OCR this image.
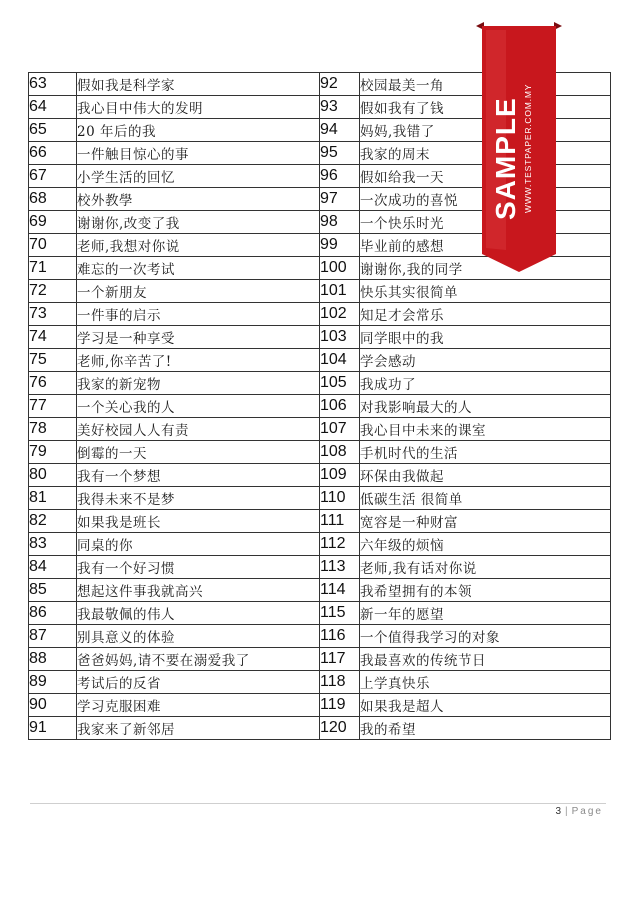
63	假如我是科学家	92	校园最美一角
64	我心目中伟大的发明	93	假如我有了钱
65	20 年后的我	94	妈妈,我错了
66	一件触目惊心的事	95	我家的周末
67	小学生活的回忆	96	假如给我一天
68	校外教學	97	一次成功的喜悦
69	谢谢你,改变了我	98	一个快乐时光
70	老师,我想对你说	99	毕业前的感想
71	难忘的一次考试	100	谢谢你,我的同学
72	一个新朋友	101	快乐其实很简单
73	一件事的启示	102	知足才会常乐
74	学习是一种享受	103	同学眼中的我
75	老师,你辛苦了!	104	学会感动
76	我家的新宠物	105	我成功了
77	一个关心我的人	106	对我影响最大的人
78	美好校园人人有责	107	我心目中未来的课室
79	倒霉的一天	108	手机时代的生活
80	我有一个梦想	109	环保由我做起
81	我得未来不是梦	110	低碳生活 很简单
82	如果我是班长	111	宽容是一种财富
83	同桌的你	112	六年级的烦恼
84	我有一个好习惯	113	老师,我有话对你说
85	想起这件事我就高兴	114	我希望拥有的本领
86	我最敬佩的伟人	115	新一年的愿望
87	别具意义的体验	116	一个值得我学习的对象
88	爸爸妈妈,请不要在溺爱我了	117	我最喜欢的传统节日
89	考试后的反省	118	上学真快乐
90	学习克服困难	119	如果我是超人
91	我家来了新邻居	120	我的希望
SAMPLE WWW.TESTPAPER.COM.MY
3 | Page
